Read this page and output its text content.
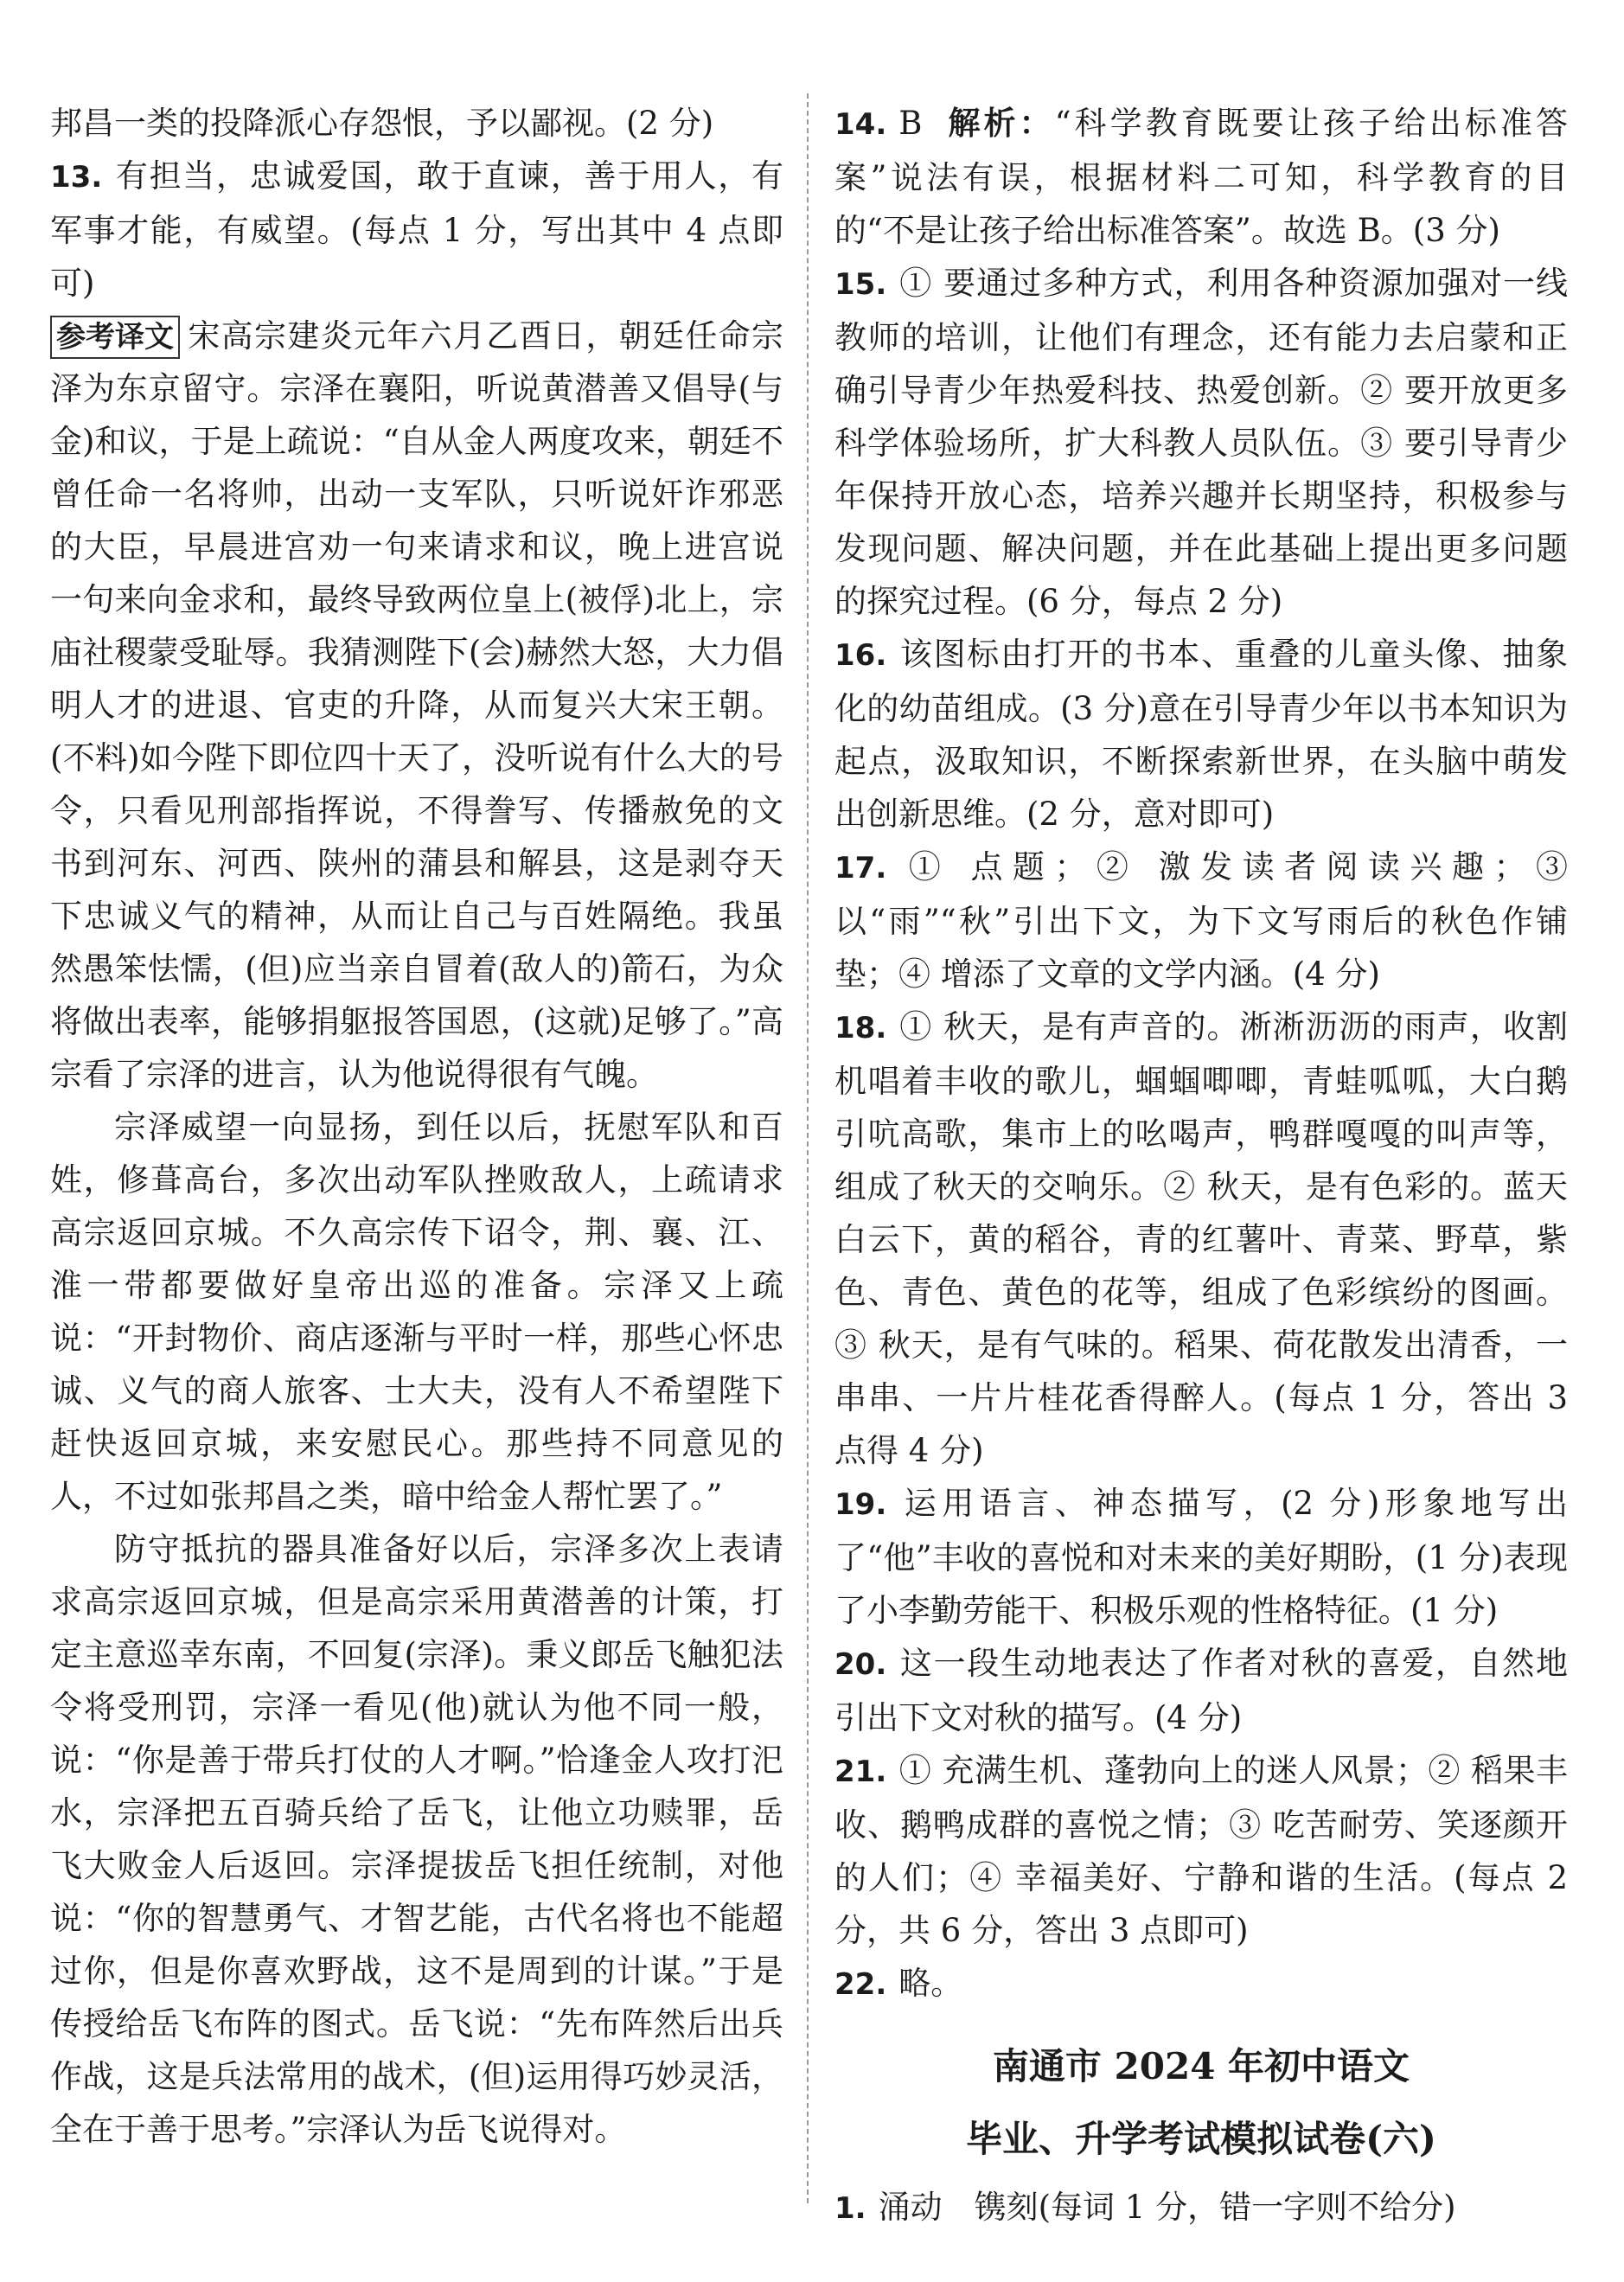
邦昌一类的投降派心存怨恨，予以鄙视。(2 分)

13. 有担当，忠诚爱国，敢于直谏，善于用人，有军事才能，有威望。(每点 1 分，写出其中 4 点即可)

参考译文 宋高宗建炎元年六月乙酉日，朝廷任命宗泽为东京留守。宗泽在襄阳，听说黄潜善又倡导(与金)和议，于是上疏说：“自从金人两度攻来，朝廷不曾任命一名将帅，出动一支军队，只听说奸诈邪恶的大臣，早晨进宫劝一句来请求和议，晚上进宫说一句来向金求和，最终导致两位皇上(被俘)北上，宗庙社稷蒙受耻辱。我猜测陛下(会)赫然大怒，大力倡明人才的进退、官吏的升降，从而复兴大宋王朝。(不料)如今陛下即位四十天了，没听说有什么大的号令，只看见刑部指挥说，不得誊写、传播赦免的文书到河东、河西、陕州的蒲县和解县，这是剥夺天下忠诚义气的精神，从而让自己与百姓隔绝。我虽然愚笨怯懦，(但)应当亲自冒着(敌人的)箭石，为众将做出表率，能够捐躯报答国恩，(这就)足够了。”高宗看了宗泽的进言，认为他说得很有气魄。

宗泽威望一向显扬，到任以后，抚慰军队和百姓，修葺高台，多次出动军队挫败敌人，上疏请求高宗返回京城。不久高宗传下诏令，荆、襄、江、淮一带都要做好皇帝出巡的准备。宗泽又上疏说：“开封物价、商店逐渐与平时一样，那些心怀忠诚、义气的商人旅客、士大夫，没有人不希望陛下赶快返回京城，来安慰民心。那些持不同意见的人，不过如张邦昌之类，暗中给金人帮忙罢了。”

防守抵抗的器具准备好以后，宗泽多次上表请求高宗返回京城，但是高宗采用黄潜善的计策，打定主意巡幸东南，不回复(宗泽)。秉义郎岳飞触犯法令将受刑罚，宗泽一看见(他)就认为他不同一般，说：“你是善于带兵打仗的人才啊。”恰逢金人攻打汜水，宗泽把五百骑兵给了岳飞，让他立功赎罪，岳飞大败金人后返回。宗泽提拔岳飞担任统制，对他说：“你的智慧勇气、才智艺能，古代名将也不能超过你，但是你喜欢野战，这不是周到的计谋。”于是传授给岳飞布阵的图式。岳飞说：“先布阵然后出兵作战，这是兵法常用的战术，(但)运用得巧妙灵活，全在于善于思考。”宗泽认为岳飞说得对。

14. B 解析：“科学教育既要让孩子给出标准答案”说法有误，根据材料二可知，科学教育的目的“不是让孩子给出标准答案”。故选 B。(3 分)

15. ① 要通过多种方式，利用各种资源加强对一线教师的培训，让他们有理念，还有能力去启蒙和正确引导青少年热爱科技、热爱创新。② 要开放更多科学体验场所，扩大科教人员队伍。③ 要引导青少年保持开放心态，培养兴趣并长期坚持，积极参与发现问题、解决问题，并在此基础上提出更多问题的探究过程。(6 分，每点 2 分)

16. 该图标由打开的书本、重叠的儿童头像、抽象化的幼苗组成。(3 分)意在引导青少年以书本知识为起点，汲取知识，不断探索新世界，在头脑中萌发出创新思维。(2 分，意对即可)

17. ① 点题；② 激发读者阅读兴趣；③ 以“雨”“秋”引出下文，为下文写雨后的秋色作铺垫；④ 增添了文章的文学内涵。(4 分)

18. ① 秋天，是有声音的。淅淅沥沥的雨声，收割机唱着丰收的歌儿，蝈蝈唧唧，青蛙呱呱，大白鹅引吭高歌，集市上的吆喝声，鸭群嘎嘎的叫声等，组成了秋天的交响乐。② 秋天，是有色彩的。蓝天白云下，黄的稻谷，青的红薯叶、青菜、野草，紫色、青色、黄色的花等，组成了色彩缤纷的图画。③ 秋天，是有气味的。稻果、荷花散发出清香，一串串、一片片桂花香得醉人。(每点 1 分，答出 3 点得 4 分)

19. 运用语言、神态描写，(2 分)形象地写出了“他”丰收的喜悦和对未来的美好期盼，(1 分)表现了小李勤劳能干、积极乐观的性格特征。(1 分)

20. 这一段生动地表达了作者对秋的喜爱，自然地引出下文对秋的描写。(4 分)

21. ① 充满生机、蓬勃向上的迷人风景；② 稻果丰收、鹅鸭成群的喜悦之情；③ 吃苦耐劳、笑逐颜开的人们；④ 幸福美好、宁静和谐的生活。(每点 2 分，共 6 分，答出 3 点即可)

22. 略。

南通市 2024 年初中语文
毕业、升学考试模拟试卷(六)

1. 涌动　镌刻(每词 1 分，错一字则不给分)
